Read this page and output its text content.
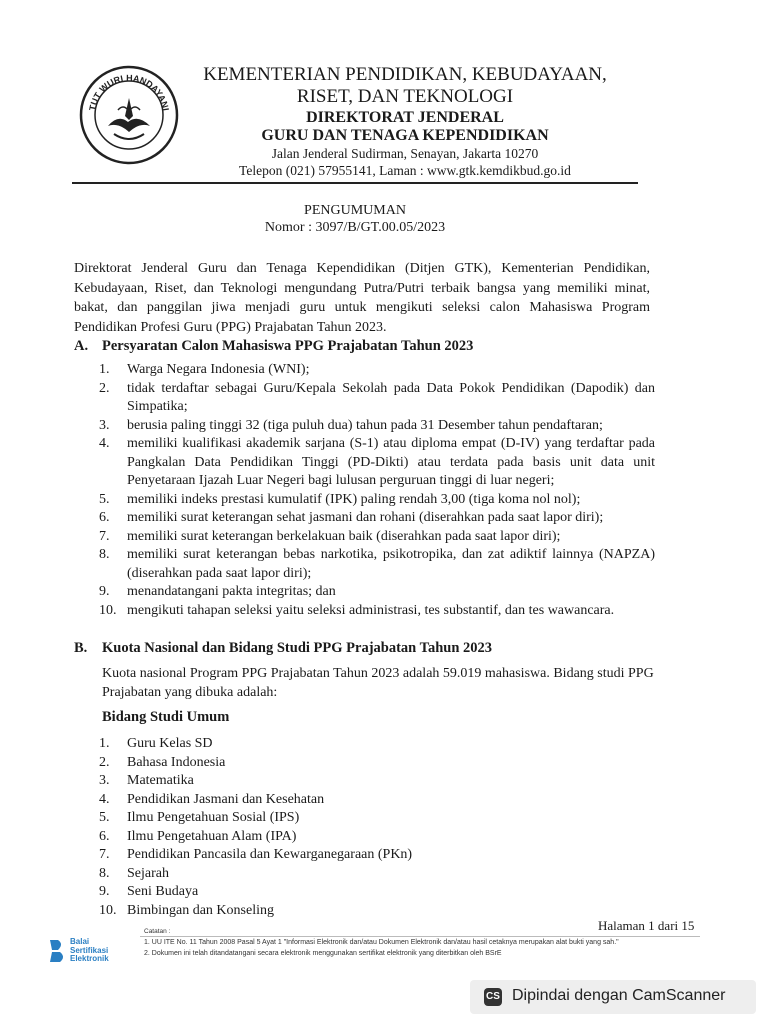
TUT WURI HANDAYANI
KEMENTERIAN PENDIDIKAN, KEBUDAYAAN,
RISET, DAN TEKNOLOGI
DIREKTORAT JENDERAL
GURU DAN TENAGA KEPENDIDIKAN
Jalan Jenderal Sudirman, Senayan, Jakarta 10270
Telepon (021) 57955141, Laman : www.gtk.kemdikbud.go.id
PENGUMUMAN
Nomor : 3097/B/GT.00.05/2023
Direktorat Jenderal Guru dan Tenaga Kependidikan (Ditjen GTK), Kementerian Pendidikan, Kebudayaan, Riset, dan Teknologi mengundang Putra/Putri terbaik bangsa yang memiliki minat, bakat, dan panggilan jiwa menjadi guru untuk mengikuti seleksi calon Mahasiswa Program Pendidikan Profesi Guru (PPG) Prajabatan Tahun 2023.
A. Persyaratan Calon Mahasiswa PPG Prajabatan Tahun 2023
1. Warga Negara Indonesia (WNI);
2. tidak terdaftar sebagai Guru/Kepala Sekolah pada Data Pokok Pendidikan (Dapodik) dan Simpatika;
3. berusia paling tinggi 32 (tiga puluh dua) tahun pada 31 Desember tahun pendaftaran;
4. memiliki kualifikasi akademik sarjana (S-1) atau diploma empat (D-IV) yang terdaftar pada Pangkalan Data Pendidikan Tinggi (PD-Dikti) atau terdata pada basis unit data unit Penyetaraan Ijazah Luar Negeri bagi lulusan perguruan tinggi di luar negeri;
5. memiliki indeks prestasi kumulatif (IPK) paling rendah 3,00 (tiga koma nol nol);
6. memiliki surat keterangan sehat jasmani dan rohani (diserahkan pada saat lapor diri);
7. memiliki surat keterangan berkelakuan baik (diserahkan pada saat lapor diri);
8. memiliki surat keterangan bebas narkotika, psikotropika, dan zat adiktif lainnya (NAPZA) (diserahkan pada saat lapor diri);
9. menandatangani pakta integritas; dan
10. mengikuti tahapan seleksi yaitu seleksi administrasi, tes substantif, dan tes wawancara.
B. Kuota Nasional dan Bidang Studi PPG Prajabatan Tahun 2023
Kuota nasional Program PPG Prajabatan Tahun 2023 adalah 59.019 mahasiswa. Bidang studi PPG Prajabatan yang dibuka adalah:
Bidang Studi Umum
1. Guru Kelas SD
2. Bahasa Indonesia
3. Matematika
4. Pendidikan Jasmani dan Kesehatan
5. Ilmu Pengetahuan Sosial (IPS)
6. Ilmu Pengetahuan Alam (IPA)
7. Pendidikan Pancasila dan Kewarganegaraan (PKn)
8. Sejarah
9. Seni Budaya
10. Bimbingan dan Konseling
Halaman 1 dari 15
Balai
Sertifikasi
Elektronik
Catatan :
1. UU ITE No. 11 Tahun 2008 Pasal 5 Ayat 1 "Informasi Elektronik dan/atau Dokumen Elektronik dan/atau hasil cetaknya merupakan alat bukti yang sah."
2. Dokumen ini telah ditandatangani secara elektronik menggunakan sertifikat elektronik yang diterbitkan oleh BSrE
CS Dipindai dengan CamScanner
